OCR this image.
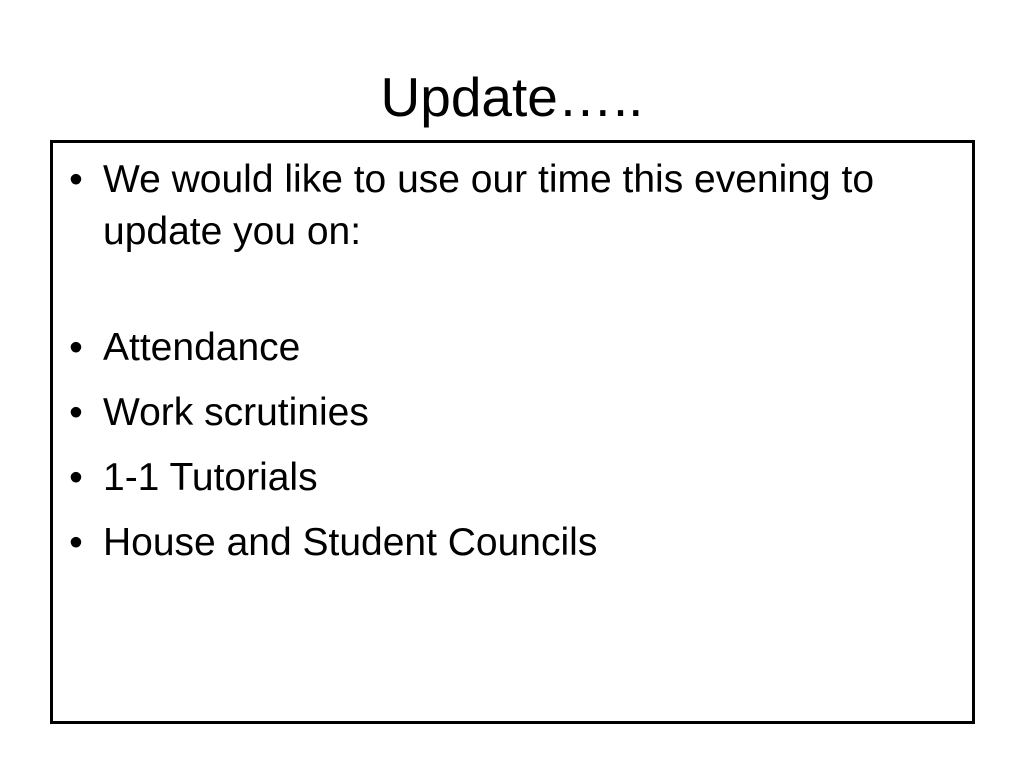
Update…..
• We would like to use our time this evening to update you on:
• Attendance
• Work scrutinies
• 1-1 Tutorials
• House and Student Councils
